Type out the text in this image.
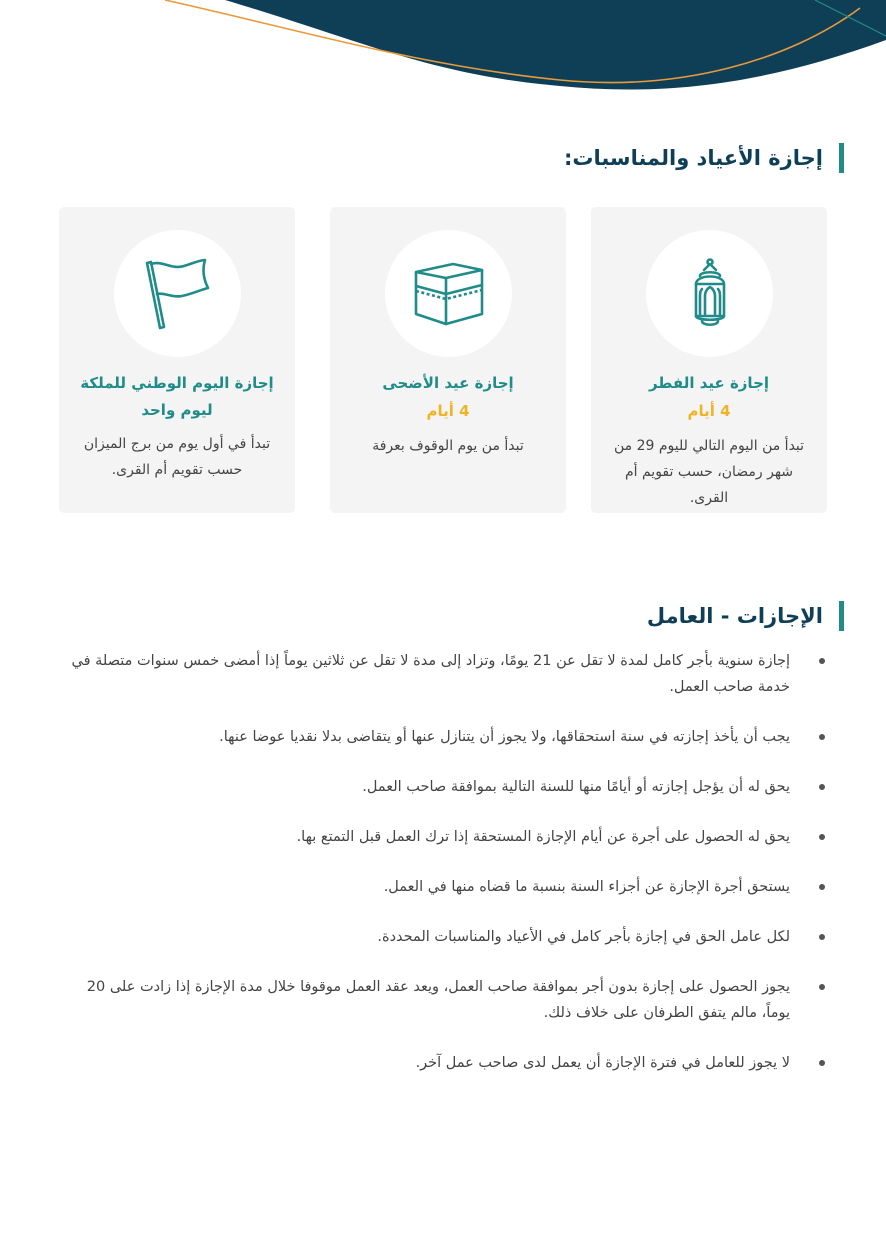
إجازة الأعياد والمناسبات:
إجازة عيد الفطر
4 أيام
تبدأ من اليوم التالي لليوم 29 من شهر رمضان، حسب تقويم أم القرى.
إجازة عيد الأضحى
4 أيام
تبدأ من يوم الوقوف بعرفة
إجازة اليوم الوطني للملكة ليوم واحد
تبدأ في أول يوم من برج الميزان حسب تقويم أم القرى.
الإجازات - العامل
إجازة سنوية بأجر كامل لمدة لا تقل عن 21 يومًا، وتزاد إلى مدة لا تقل عن ثلاثين يوماً إذا أمضى خمس سنوات متصلة في خدمة صاحب العمل.
يجب أن يأخذ إجازته في سنة استحقاقها، ولا يجوز أن يتنازل عنها أو يتقاضى بدلا نقديا عوضا عنها.
يحق له أن يؤجل إجازته أو أيامًا منها للسنة التالية بموافقة صاحب العمل.
يحق له الحصول على أجرة عن أيام الإجازة المستحقة إذا ترك العمل قبل التمتع بها.
يستحق أجرة الإجازة عن أجزاء السنة بنسبة ما قضاه منها في العمل.
لكل عامل الحق في إجازة بأجر كامل في الأعياد والمناسبات المحددة.
يجوز الحصول على إجازة بدون أجر بموافقة صاحب العمل، ويعد عقد العمل موقوفا خلال مدة الإجازة إذا زادت على 20 يوماً، مالم يتفق الطرفان على خلاف ذلك.
لا يجوز للعامل في فترة الإجازة أن يعمل لدى صاحب عمل آخر.
